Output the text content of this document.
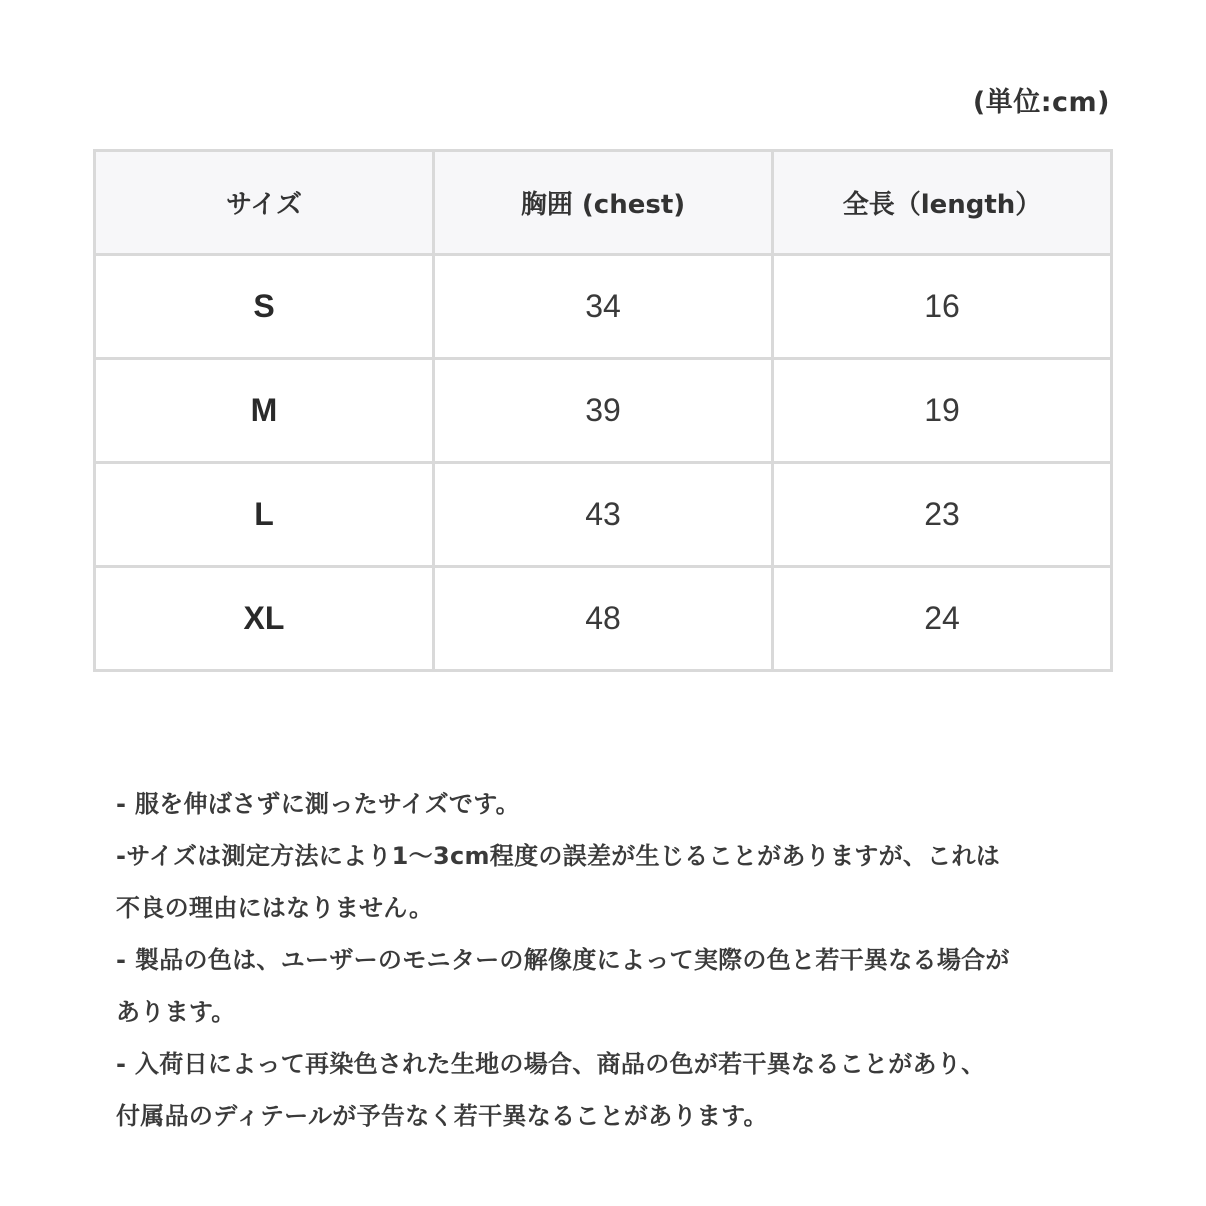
(単位:cm)
サイズ	胸囲 (chest)	全長（length）
S	34	16
M	39	19
L	43	23
XL	48	24
- 服を伸ばさずに測ったサイズです。
-サイズは測定方法により1～3cm程度の誤差が生じることがありますが、これは
不良の理由にはなりません。
- 製品の色は、ユーザーのモニターの解像度によって実際の色と若干異なる場合が
あります。
- 入荷日によって再染色された生地の場合、商品の色が若干異なることがあり、
付属品のディテールが予告なく若干異なることがあります。
